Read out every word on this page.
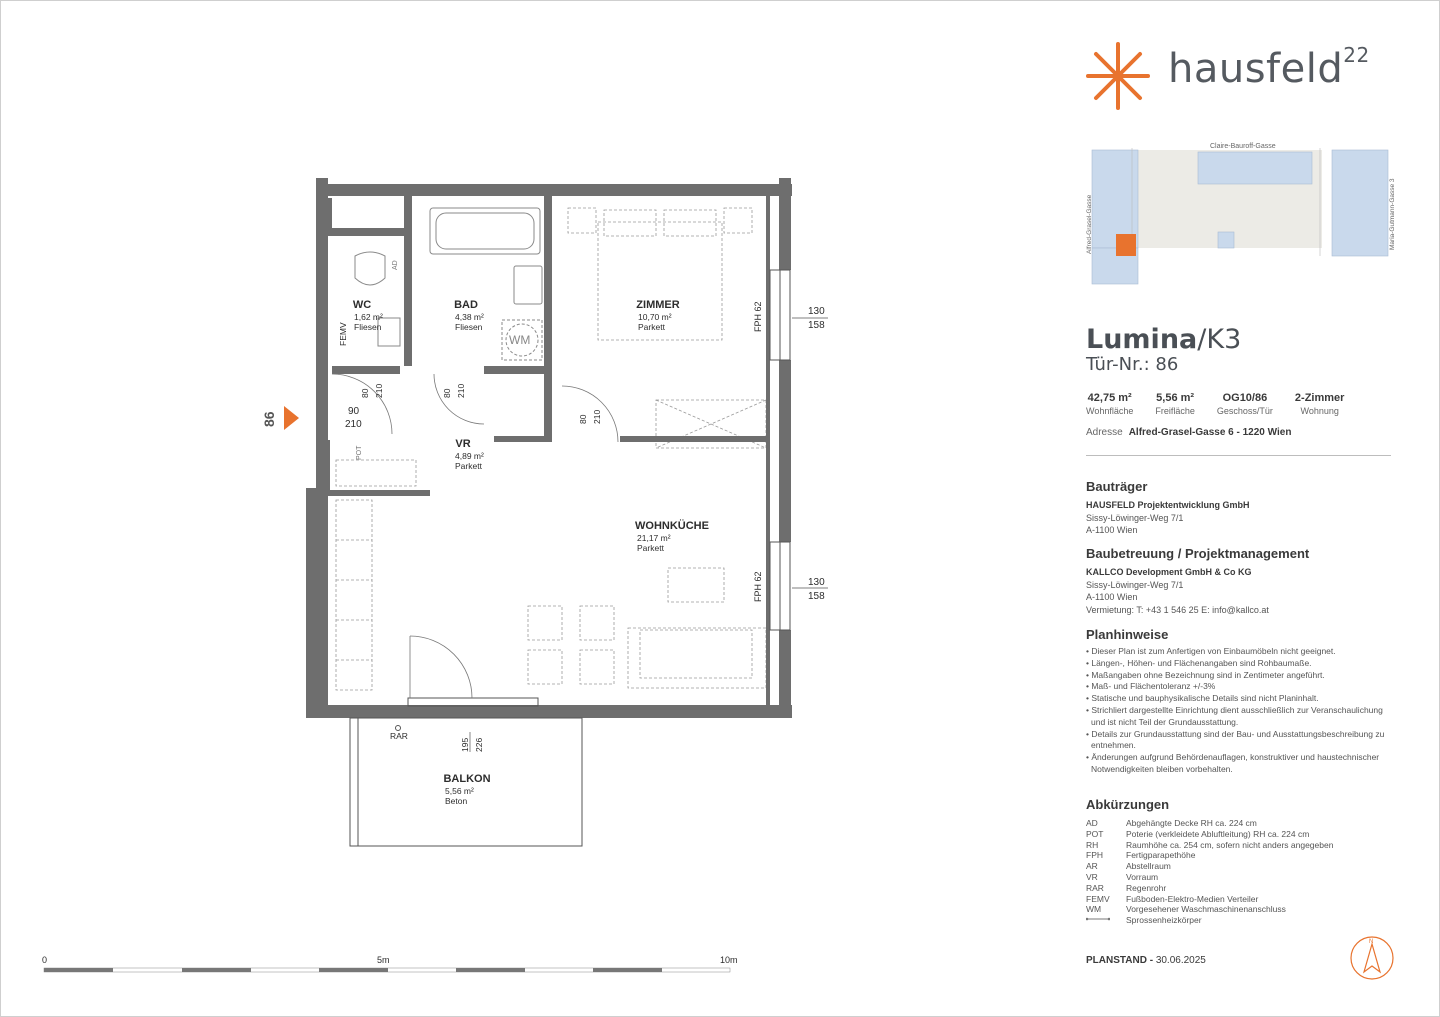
WC	BAD	ZIMMER
VR
WOHNKÜCHE
BALKON
1,62 m²
Fliesen
4,38 m²
Fliesen
10,70 m²
Parkett
4,89 m²
Parkett
21,17 m²
Parkett
5,56 m²
Beton
RAR
WM
FEMV
AD
POT
FPH 62
FPH 62
80 210	80 210
80 210
195 226
86	90
210
130
158
130
158
0	5m	10m
hausfeld$^{22}$
Claire-Bauroff-Gasse
Alfred-Grasel-Gasse	Maria-Gutmann-Gasse 3
Lumina/K3
Tür-Nr.: 86
42,75 m²
Wohnfläche
5,56 m²
Freifläche
OG10/86
Geschoss/Tür
2-Zimmer
Wohnung
Adresse Alfred-Grasel-Gasse 6 - 1220 Wien
Bauträger
HAUSFELD Projektentwicklung GmbH
Sissy-Löwinger-Weg 7/1
A-1100 Wien
Baubetreuung / Projektmanagement
KALLCO Development GmbH & Co KG
Sissy-Löwinger-Weg 7/1
A-1100 Wien
Vermietung: T: +43 1 546 25 E: info@kallco.at
Planhinweise
• Dieser Plan ist zum Anfertigen von Einbaumöbeln nicht geeignet.
• Längen-, Höhen- und Flächenangaben sind Rohbaumaße.
• Maßangaben ohne Bezeichnung sind in Zentimeter angeführt.
• Maß- und Flächentoleranz +/-3%
• Statische und bauphysikalische Details sind nicht Planinhalt.
• Strichliert dargestellte Einrichtung dient ausschließlich zur Veranschaulichung und ist nicht Teil der Grundausstattung.
• Details zur Grundausstattung sind der Bau- und Ausstattungsbeschreibung zu entnehmen.
• Änderungen aufgrund Behördenauflagen, konstruktiver und haustechnischer Notwendigkeiten bleiben vorbehalten.
Abkürzungen
AD	Abgehängte Decke RH ca. 224 cm
POT	Poterie (verkleidete Abluftleitung) RH ca. 224 cm
RH	Raumhöhe ca. 254 cm, sofern nicht anders angegeben
FPH	Fertigparapethöhe
AR	Abstellraum
VR	Vorraum
RAR	Regenrohr
FEMV	Fußboden-Elektro-Medien Verteiler
WM	Vorgesehener Waschmaschinenanschluss
Sprossenheizkörper
PLANSTAND - 30.06.2025
N
